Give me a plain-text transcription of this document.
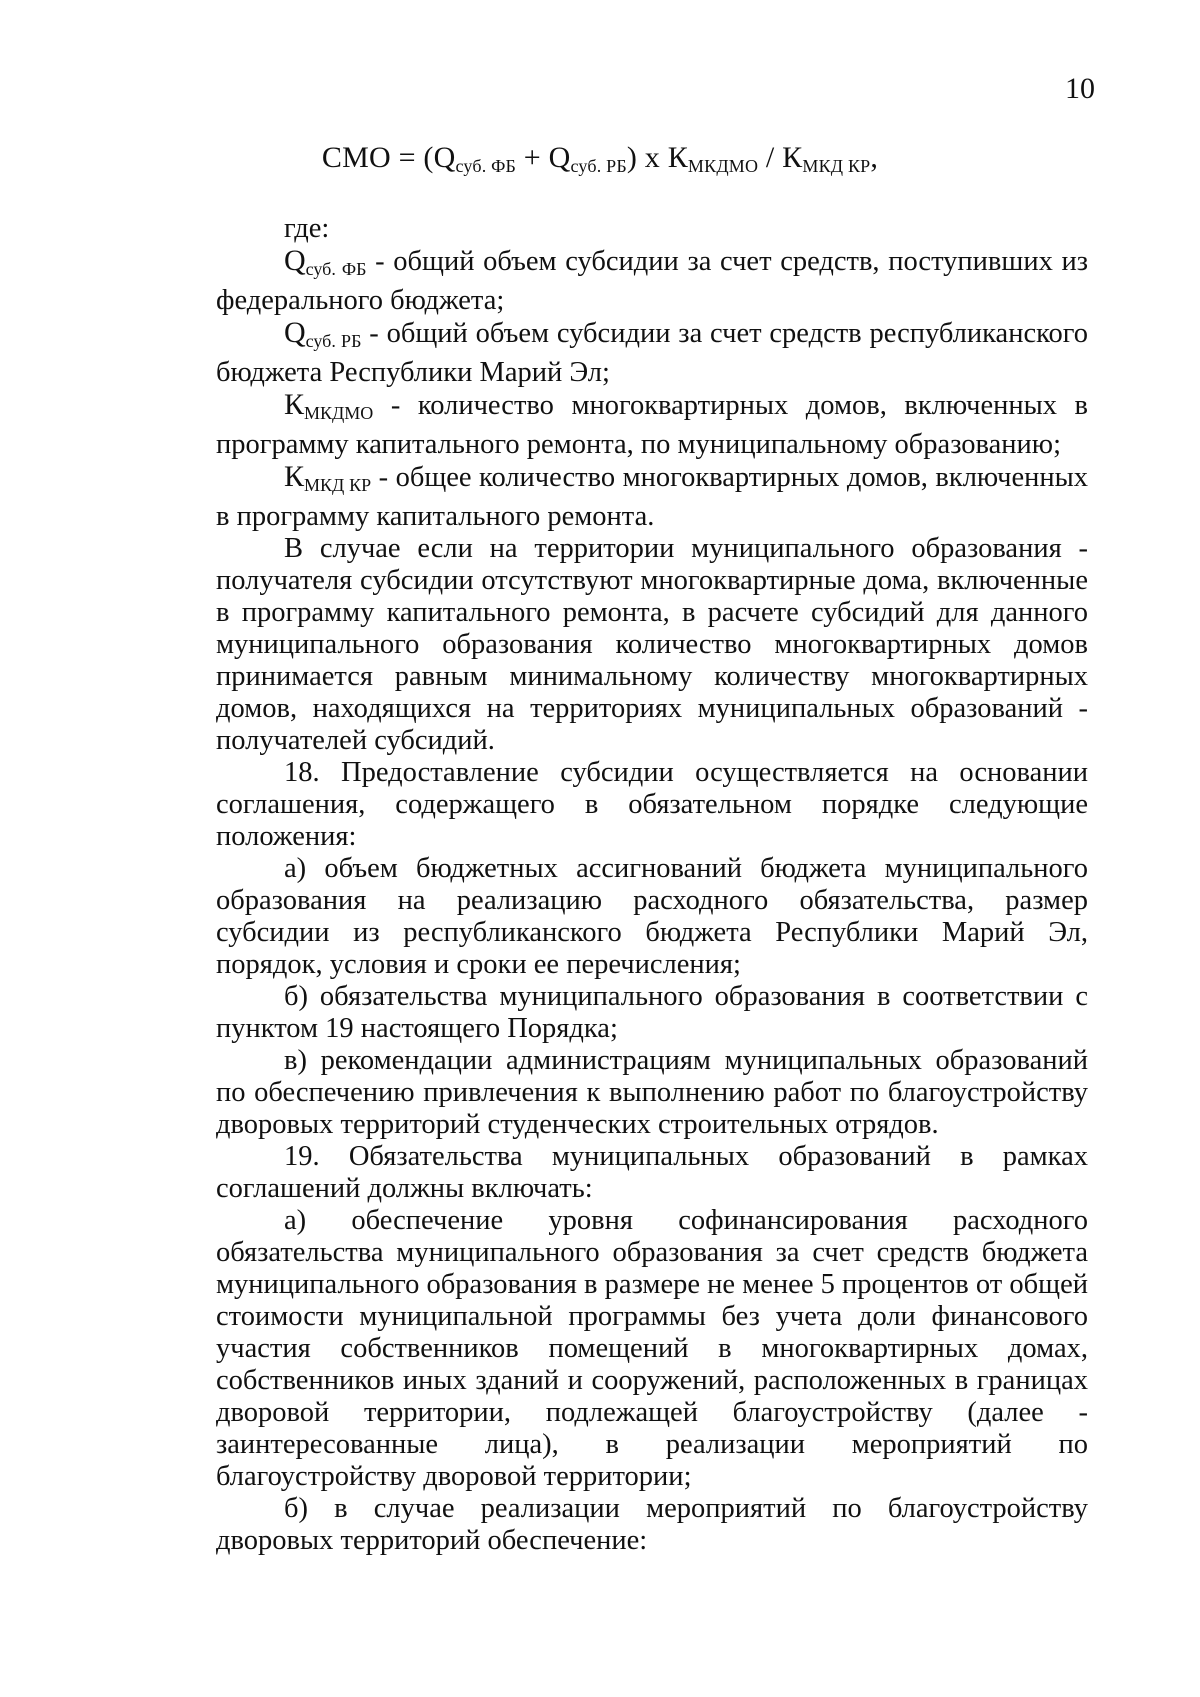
10
СМО = $(Q_{суб. ФБ} + Q_{суб. РБ})$ х $К_{МКДМО} / К_{МКД КР}$,

где:

$Q_{суб. ФБ}$ - общий объем субсидии за счет средств, поступивших из федерального бюджета;

$Q_{суб. РБ}$ - общий объем субсидии за счет средств республиканского бюджета Республики Марий Эл;

$К_{МКДМО}$ - количество многоквартирных домов, включенных в программу капитального ремонта, по муниципальному образованию;

$К_{МКД КР}$ - общее количество многоквартирных домов, включенных в программу капитального ремонта.

В случае если на территории муниципального образования - получателя субсидии отсутствуют многоквартирные дома, включенные в программу капитального ремонта, в расчете субсидий для данного муниципального образования количество многоквартирных домов принимается равным минимальному количеству многоквартирных домов, находящихся на территориях муниципальных образований - получателей субсидий.

18. Предоставление субсидии осуществляется на основании соглашения, содержащего в обязательном порядке следующие положения:

а) объем бюджетных ассигнований бюджета муниципального образования на реализацию расходного обязательства, размер субсидии из республиканского бюджета Республики Марий Эл, порядок, условия и сроки ее перечисления;

б) обязательства муниципального образования в соответствии с пунктом 19 настоящего Порядка;

в) рекомендации администрациям муниципальных образований по обеспечению привлечения к выполнению работ по благоустройству дворовых территорий студенческих строительных отрядов.

19. Обязательства муниципальных образований в рамках соглашений должны включать:

а) обеспечение уровня софинансирования расходного обязательства муниципального образования за счет средств бюджета муниципального образования в размере не менее 5 процентов от общей стоимости муниципальной программы без учета доли финансового участия собственников помещений в многоквартирных домах, собственников иных зданий и сооружений, расположенных в границах дворовой территории, подлежащей благоустройству (далее - заинтересованные лица), в реализации мероприятий по благоустройству дворовой территории;

б) в случае реализации мероприятий по благоустройству дворовых территорий обеспечение:
